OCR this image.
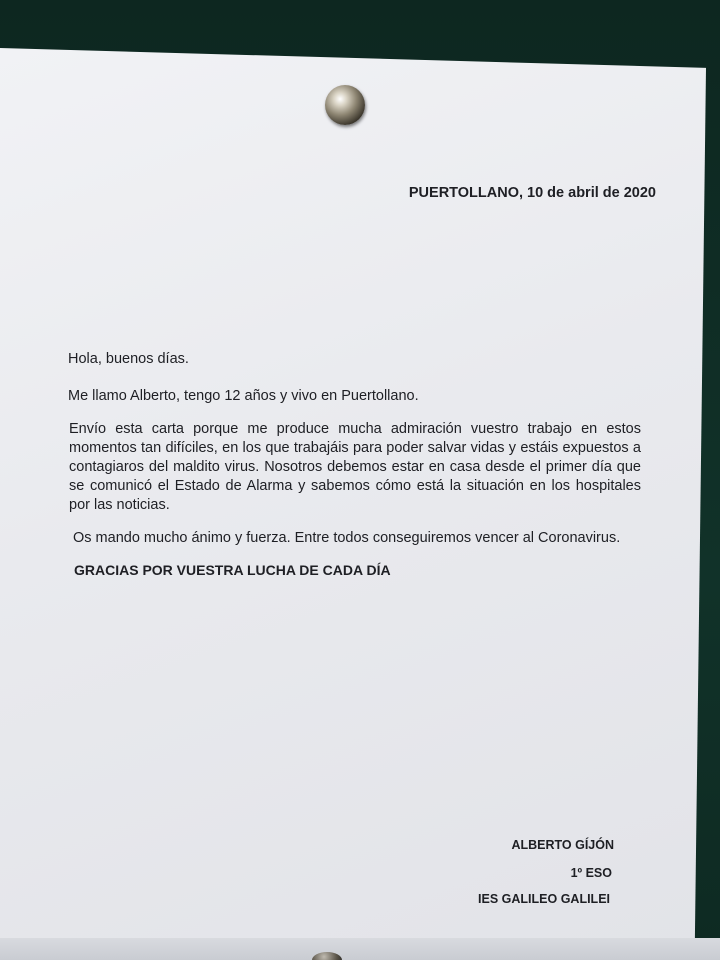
PUERTOLLANO, 10 de abril de 2020

Hola, buenos días.

Me llamo Alberto, tengo 12 años y vivo en Puertollano.

Envío esta carta porque me produce mucha admiración vuestro trabajo en estos momentos tan difíciles, en los que trabajáis para poder salvar vidas y estáis expuestos a contagiaros del maldito virus. Nosotros debemos estar en casa desde el primer día que se comunicó el Estado de Alarma y sabemos cómo está la situación en los hospitales por las noticias.

Os mando mucho ánimo y fuerza. Entre todos conseguiremos vencer al Coronavirus.

GRACIAS POR VUESTRA LUCHA DE CADA DÍA

ALBERTO GÍJÓN
1º ESO
IES GALILEO GALILEI
